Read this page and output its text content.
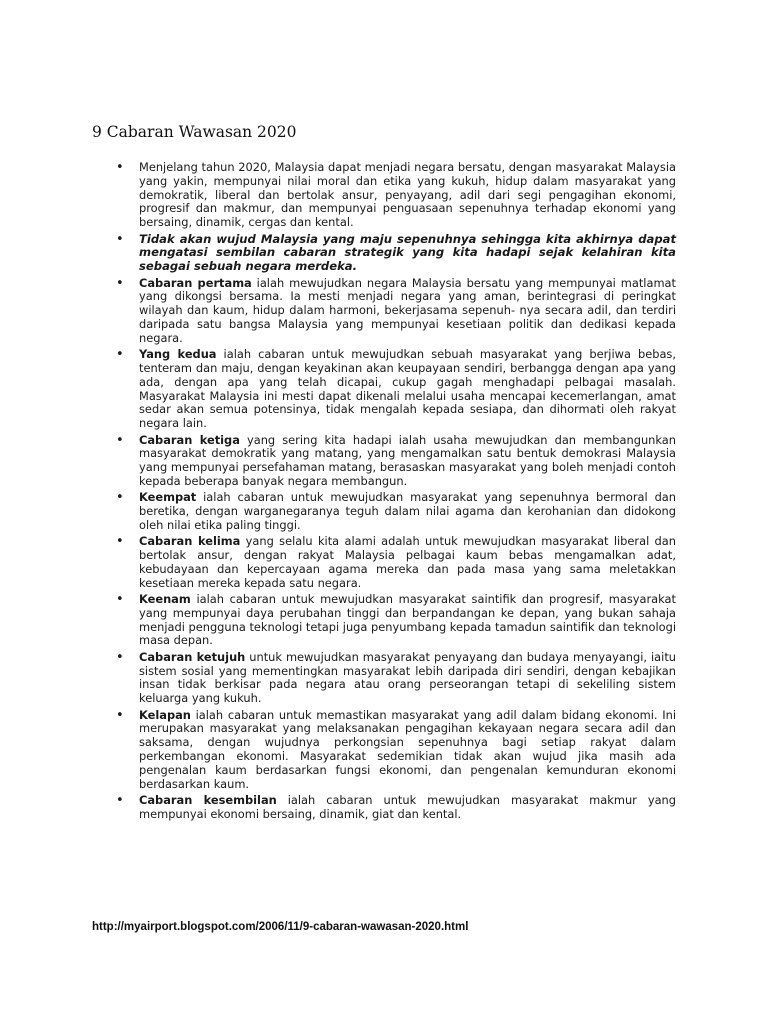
9 Cabaran Wawasan 2020
• Menjelang tahun 2020, Malaysia dapat menjadi negara bersatu, dengan masyarakat Malaysia yang yakin, mempunyai nilai moral dan etika yang kukuh, hidup dalam masyarakat yang demokratik, liberal dan bertolak ansur, penyayang, adil dari segi pengagihan ekonomi, progresif dan makmur, dan mempunyai penguasaan sepenuhnya terhadap ekonomi yang bersaing, dinamik, cergas dan kental.
• Tidak akan wujud Malaysia yang maju sepenuhnya sehingga kita akhirnya dapat mengatasi sembilan cabaran strategik yang kita hadapi sejak kelahiran kita sebagai sebuah negara merdeka.
• Cabaran pertama ialah mewujudkan negara Malaysia bersatu yang mempunyai matlamat yang dikongsi bersama. Ia mesti menjadi negara yang aman, berintegrasi di peringkat wilayah dan kaum, hidup dalam harmoni, bekerjasama sepenuh- nya secara adil, dan terdiri daripada satu bangsa Malaysia yang mempunyai kesetiaan politik dan dedikasi kepada negara.
• Yang kedua ialah cabaran untuk mewujudkan sebuah masyarakat yang berjiwa bebas, tenteram dan maju, dengan keyakinan akan keupayaan sendiri, berbangga dengan apa yang ada, dengan apa yang telah dicapai, cukup gagah menghadapi pelbagai masalah. Masyarakat Malaysia ini mesti dapat dikenali melalui usaha mencapai kecemerlangan, amat sedar akan semua potensinya, tidak mengalah kepada sesiapa, dan dihormati oleh rakyat negara lain.
• Cabaran ketiga yang sering kita hadapi ialah usaha mewujudkan dan membangunkan masyarakat demokratik yang matang, yang mengamalkan satu bentuk demokrasi Malaysia yang mempunyai persefahaman matang, berasaskan masyarakat yang boleh menjadi contoh kepada beberapa banyak negara membangun.
• Keempat ialah cabaran untuk mewujudkan masyarakat yang sepenuhnya bermoral dan beretika, dengan warganegaranya teguh dalam nilai agama dan kerohanian dan didokong oleh nilai etika paling tinggi.
• Cabaran kelima yang selalu kita alami adalah untuk mewujudkan masyarakat liberal dan bertolak ansur, dengan rakyat Malaysia pelbagai kaum bebas mengamalkan adat, kebudayaan dan kepercayaan agama mereka dan pada masa yang sama meletakkan kesetiaan mereka kepada satu negara.
• Keenam ialah cabaran untuk mewujudkan masyarakat saintifik dan progresif, masyarakat yang mempunyai daya perubahan tinggi dan berpandangan ke depan, yang bukan sahaja menjadi pengguna teknologi tetapi juga penyumbang kepada tamadun saintifik dan teknologi masa depan.
• Cabaran ketujuh untuk mewujudkan masyarakat penyayang dan budaya menyayangi, iaitu sistem sosial yang mementingkan masyarakat lebih daripada diri sendiri, dengan kebajikan insan tidak berkisar pada negara atau orang perseorangan tetapi di sekeliling sistem keluarga yang kukuh.
• Kelapan ialah cabaran untuk memastikan masyarakat yang adil dalam bidang ekonomi. Ini merupakan masyarakat yang melaksanakan pengagihan kekayaan negara secara adil dan saksama, dengan wujudnya perkongsian sepenuhnya bagi setiap rakyat dalam perkembangan ekonomi. Masyarakat sedemikian tidak akan wujud jika masih ada pengenalan kaum berdasarkan fungsi ekonomi, dan pengenalan kemunduran ekonomi berdasarkan kaum.
• Cabaran kesembilan ialah cabaran untuk mewujudkan masyarakat makmur yang mempunyai ekonomi bersaing, dinamik, giat dan kental.
http://myairport.blogspot.com/2006/11/9-cabaran-wawasan-2020.html
